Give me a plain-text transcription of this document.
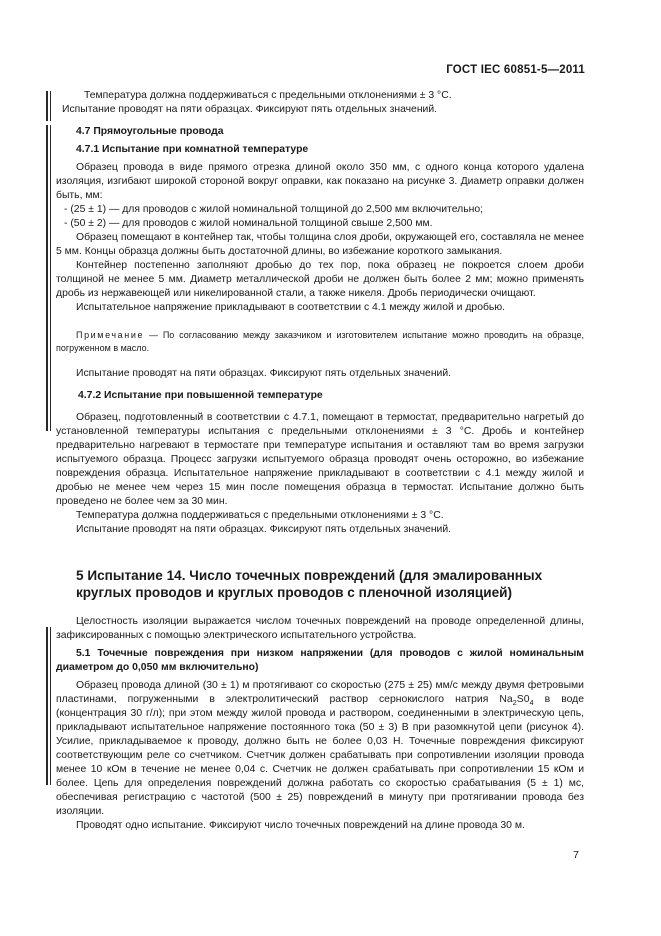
ГОСТ IEC 60851-5—2011

Температура должна поддерживаться с предельными отклонениями ± 3 °С.

Испытание проводят на пяти образцах. Фиксируют пять отдельных значений.

4.7 Прямоугольные провода

4.7.1 Испытание при комнатной температуре

Образец провода в виде прямого отрезка длиной около 350 мм, с одного конца которого удалена изоляция, изгибают широкой стороной вокруг оправки, как показано на рисунке 3. Диаметр оправки должен быть, мм:

- (25 ± 1) — для проводов с жилой номинальной толщиной до 2,500 мм включительно;

- (50 ± 2) — для проводов с жилой номинальной толщиной свыше 2,500 мм.

Образец помещают в контейнер так, чтобы толщина слоя дроби, окружающей его, составляла не менее 5 мм. Концы образца должны быть достаточной длины, во избежание короткого замыкания.

Контейнер постепенно заполняют дробью до тех пор, пока образец не покроется слоем дроби толщиной не менее 5 мм. Диаметр металлической дроби не должен быть более 2 мм; можно применять дробь из нержавеющей или никелированной стали, а также никеля. Дробь периодически очищают.

Испытательное напряжение прикладывают в соответствии с 4.1 между жилой и дробью.

Примечание — По согласованию между заказчиком и изготовителем испытание можно проводить на образце, погруженном в масло.

Испытание проводят на пяти образцах. Фиксируют пять отдельных значений.

4.7.2 Испытание при повышенной температуре

Образец, подготовленный в соответствии с 4.7.1, помещают в термостат, предварительно нагретый до установленной температуры испытания с предельными отклонениями ± 3 °С. Дробь и контейнер предварительно нагревают в термостате при температуре испытания и оставляют там во время загрузки испытуемого образца. Процесс загрузки испытуемого образца проводят очень осторожно, во избежание повреждения образца. Испытательное напряжение прикладывают в соответствии с 4.1 между жилой и дробью не менее чем через 15 мин после помещения образца в термостат. Испытание должно быть проведено не более чем за 30 мин.

Температура должна поддерживаться с предельными отклонениями ± 3 °С.

Испытание проводят на пяти образцах. Фиксируют пять отдельных значений.

5 Испытание 14. Число точечных повреждений (для эмалированных круглых проводов и круглых проводов с пленочной изоляцией)

Целостность изоляции выражается числом точечных повреждений на проводе определенной длины, зафиксированных с помощью электрического испытательного устройства.

5.1 Точечные повреждения при низком напряжении (для проводов с жилой номинальным диаметром до 0,050 мм включительно)

Образец провода длиной (30 ± 1) м протягивают со скоростью (275 ± 25) мм/с между двумя фетровыми пластинами, погруженными в электролитический раствор сернокислого натрия $Na_2S0_4$ в воде (концентрация 30 г/л); при этом между жилой провода и раствором, соединенными в электрическую цепь, прикладывают испытательное напряжение постоянного тока (50 ± 3) В при разомкнутой цепи (рисунок 4). Усилие, прикладываемое к проводу, должно быть не более 0,03 Н. Точечные повреждения фиксируют соответствующим реле со счетчиком. Счетчик должен срабатывать при сопротивлении изоляции провода менее 10 кОм в течение не менее 0,04 с. Счетчик не должен срабатывать при сопротивлении 15 кОм и более. Цепь для определения повреждений должна работать со скоростью срабатывания (5 ± 1) мс, обеспечивая регистрацию с частотой (500 ± 25) повреждений в минуту при протягивании провода без изоляции.

Проводят одно испытание. Фиксируют число точечных повреждений на длине провода 30 м.

7
